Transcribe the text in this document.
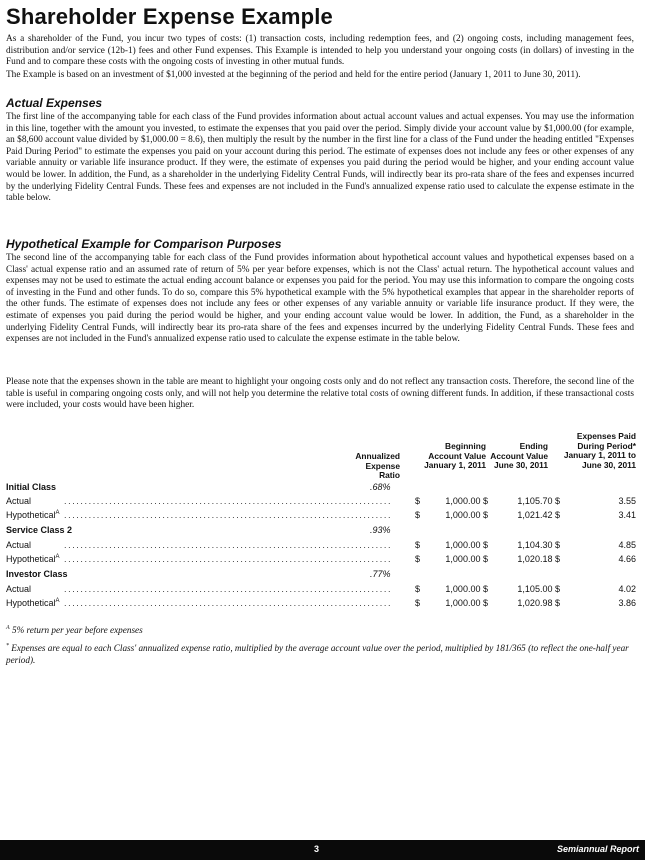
Shareholder Expense Example
As a shareholder of the Fund, you incur two types of costs: (1) transaction costs, including redemption fees, and (2) ongoing costs, including management fees, distribution and/or service (12b-1) fees and other Fund expenses. This Example is intended to help you understand your ongoing costs (in dollars) of investing in the Fund and to compare these costs with the ongoing costs of investing in other mutual funds.
The Example is based on an investment of $1,000 invested at the beginning of the period and held for the entire period (January 1, 2011 to June 30, 2011).
Actual Expenses
The first line of the accompanying table for each class of the Fund provides information about actual account values and actual expenses. You may use the information in this line, together with the amount you invested, to estimate the expenses that you paid over the period. Simply divide your account value by $1,000.00 (for example, an $8,600 account value divided by $1,000.00 = 8.6), then multiply the result by the number in the first line for a class of the Fund under the heading entitled "Expenses Paid During Period" to estimate the expenses you paid on your account during this period. The estimate of expenses does not include any fees or other expenses of any variable annuity or variable life insurance product. If they were, the estimate of expenses you paid during the period would be higher, and your ending account value would be lower. In addition, the Fund, as a shareholder in the underlying Fidelity Central Funds, will indirectly bear its pro-rata share of the fees and expenses incurred by the underlying Fidelity Central Funds. These fees and expenses are not included in the Fund's annualized expense ratio used to calculate the expense estimate in the table below.
Hypothetical Example for Comparison Purposes
The second line of the accompanying table for each class of the Fund provides information about hypothetical account values and hypothetical expenses based on a Class' actual expense ratio and an assumed rate of return of 5% per year before expenses, which is not the Class' actual return. The hypothetical account values and expenses may not be used to estimate the actual ending account balance or expenses you paid for the period. You may use this information to compare the ongoing costs of investing in the Fund and other funds. To do so, compare this 5% hypothetical example with the 5% hypothetical examples that appear in the shareholder reports of the other funds. The estimate of expenses does not include any fees or other expenses of any variable annuity or variable life insurance product. If they were, the estimate of expenses you paid during the period would be higher, and your ending account value would be lower. In addition, the Fund, as a shareholder in the underlying Fidelity Central Funds, will indirectly bear its pro-rata share of the fees and expenses incurred by the underlying Fidelity Central Funds. These fees and expenses are not included in the Fund's annualized expense ratio used to calculate the expense estimate in the table below.
Please note that the expenses shown in the table are meant to highlight your ongoing costs only and do not reflect any transaction costs. Therefore, the second line of the table is useful in comparing ongoing costs only, and will not help you determine the relative total costs of owning different funds. In addition, if these transactional costs were included, your costs would have been higher.
Annualized
Expense Ratio
Beginning
Account Value
January 1, 2011
Ending
Account Value
June 30, 2011
Expenses Paid
During Period*
January 1, 2011 to
June 30, 2011
Initial Class	.68%
Actual	................................................................................	$	1,000.00 $	1,105.70 $	3.55
Hypothetical$^A$ ................................................................................	$	1,000.00 $	1,021.42 $	3.41
Service Class 2	.93%
Actual	................................................................................	$	1,000.00 $	1,104.30 $	4.85
Hypothetical$^A$ ................................................................................	$	1,000.00 $	1,020.18 $	4.66
Investor Class	.77%
Actual	................................................................................	$	1,000.00 $	1,105.00 $	4.02
Hypothetical$^A$ ................................................................................	$	1,000.00 $	1,020.98 $	3.86
$^A$ 5% return per year before expenses
* Expenses are equal to each Class' annualized expense ratio, multiplied by the average account value over the period, multiplied by 181/365 (to reflect the one-half year period).
3	Semiannual Report
